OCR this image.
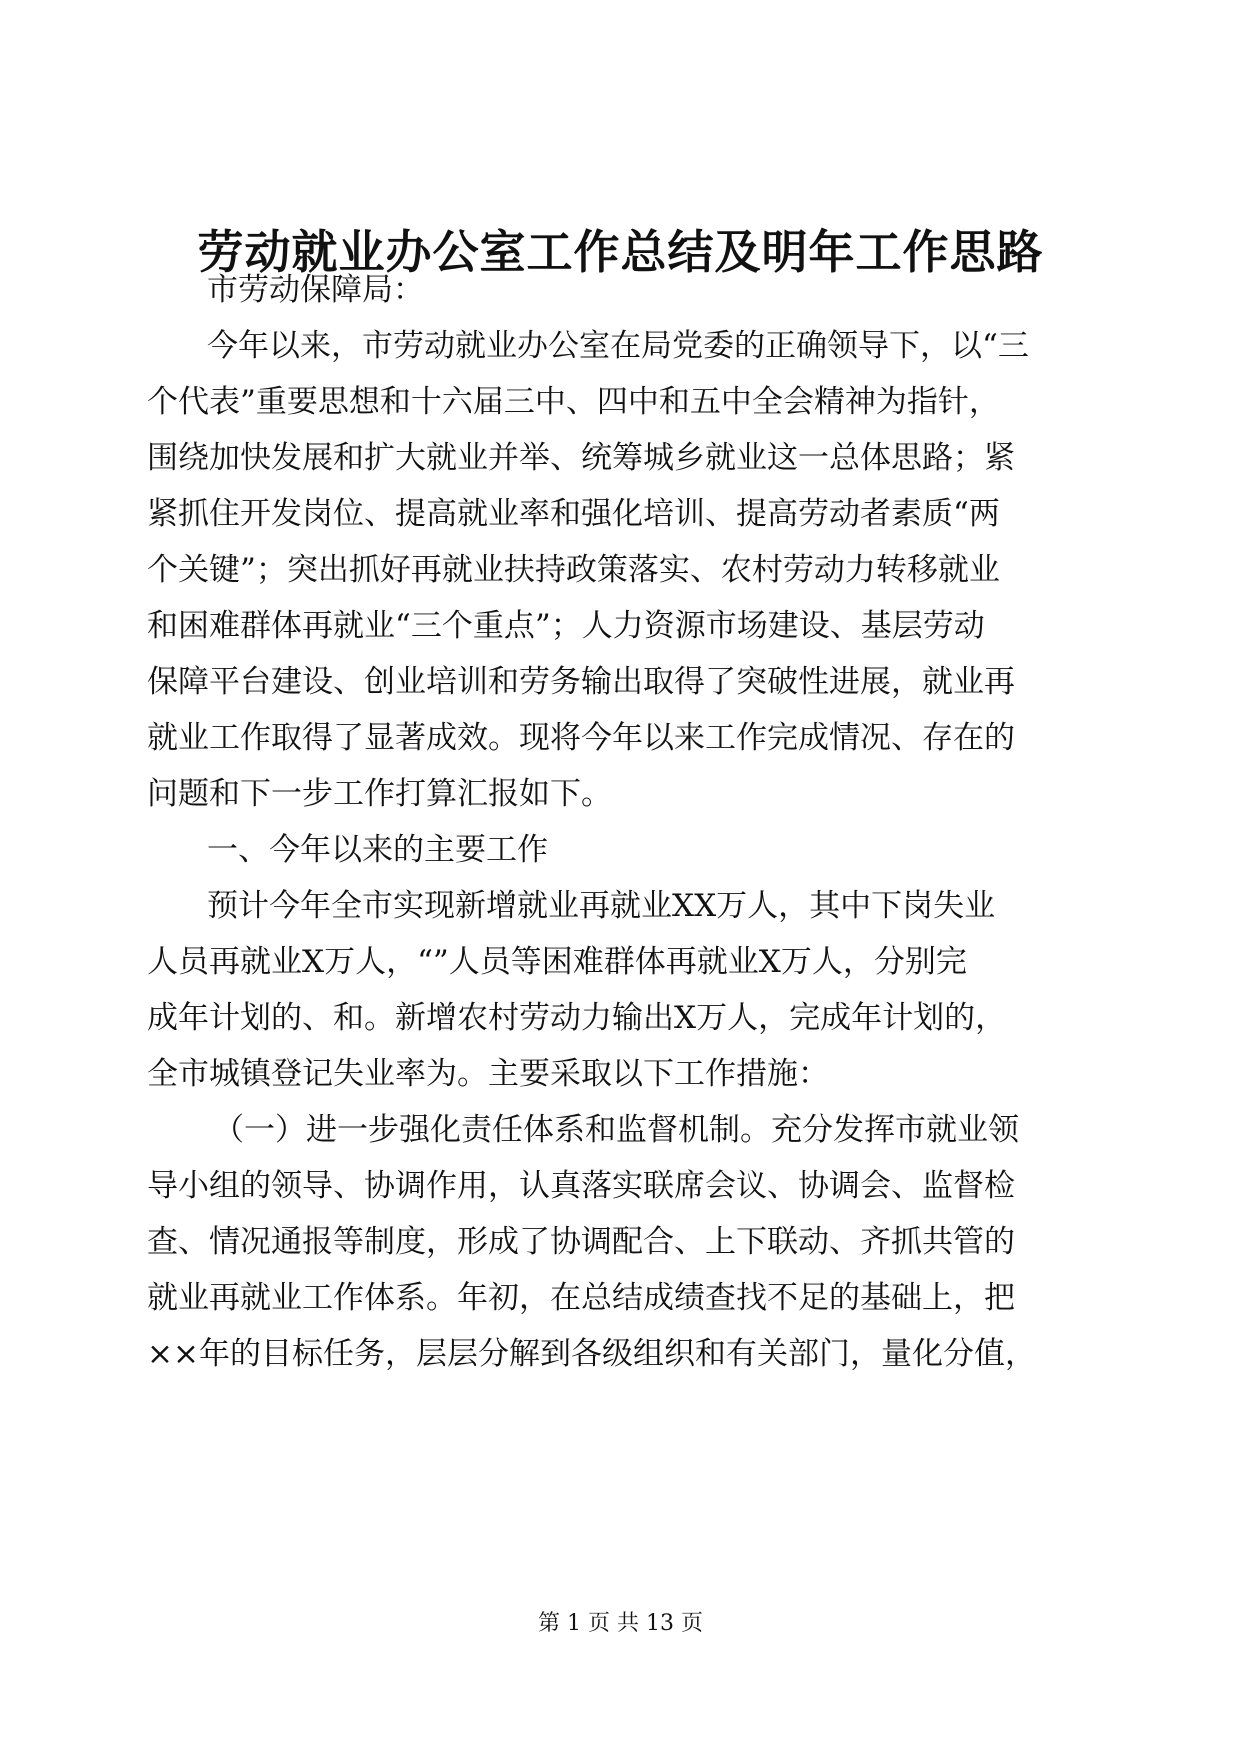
劳动就业办公室工作总结及明年工作思路

市劳动保障局：

今年以来，市劳动就业办公室在局党委的正确领导下，以“三

个代表”重要思想和十六届三中、四中和五中全会精神为指针，

围绕加快发展和扩大就业并举、统筹城乡就业这一总体思路；紧

紧抓住开发岗位、提高就业率和强化培训、提高劳动者素质“两

个关键”；突出抓好再就业扶持政策落实、农村劳动力转移就业

和困难群体再就业“三个重点”；人力资源市场建设、基层劳动

保障平台建设、创业培训和劳务输出取得了突破性进展，就业再

就业工作取得了显著成效。现将今年以来工作完成情况、存在的

问题和下一步工作打算汇报如下。

一、今年以来的主要工作

预计今年全市实现新增就业再就业XX万人，其中下岗失业

人员再就业X万人，“”人员等困难群体再就业X万人，分别完

成年计划的、和。新增农村劳动力输出X万人，完成年计划的，

全市城镇登记失业率为。主要采取以下工作措施：

（一）进一步强化责任体系和监督机制。充分发挥市就业领

导小组的领导、协调作用，认真落实联席会议、协调会、监督检

查、情况通报等制度，形成了协调配合、上下联动、齐抓共管的

就业再就业工作体系。年初，在总结成绩查找不足的基础上，把

××年的目标任务，层层分解到各级组织和有关部门，量化分值，

第 1 页 共 13 页
